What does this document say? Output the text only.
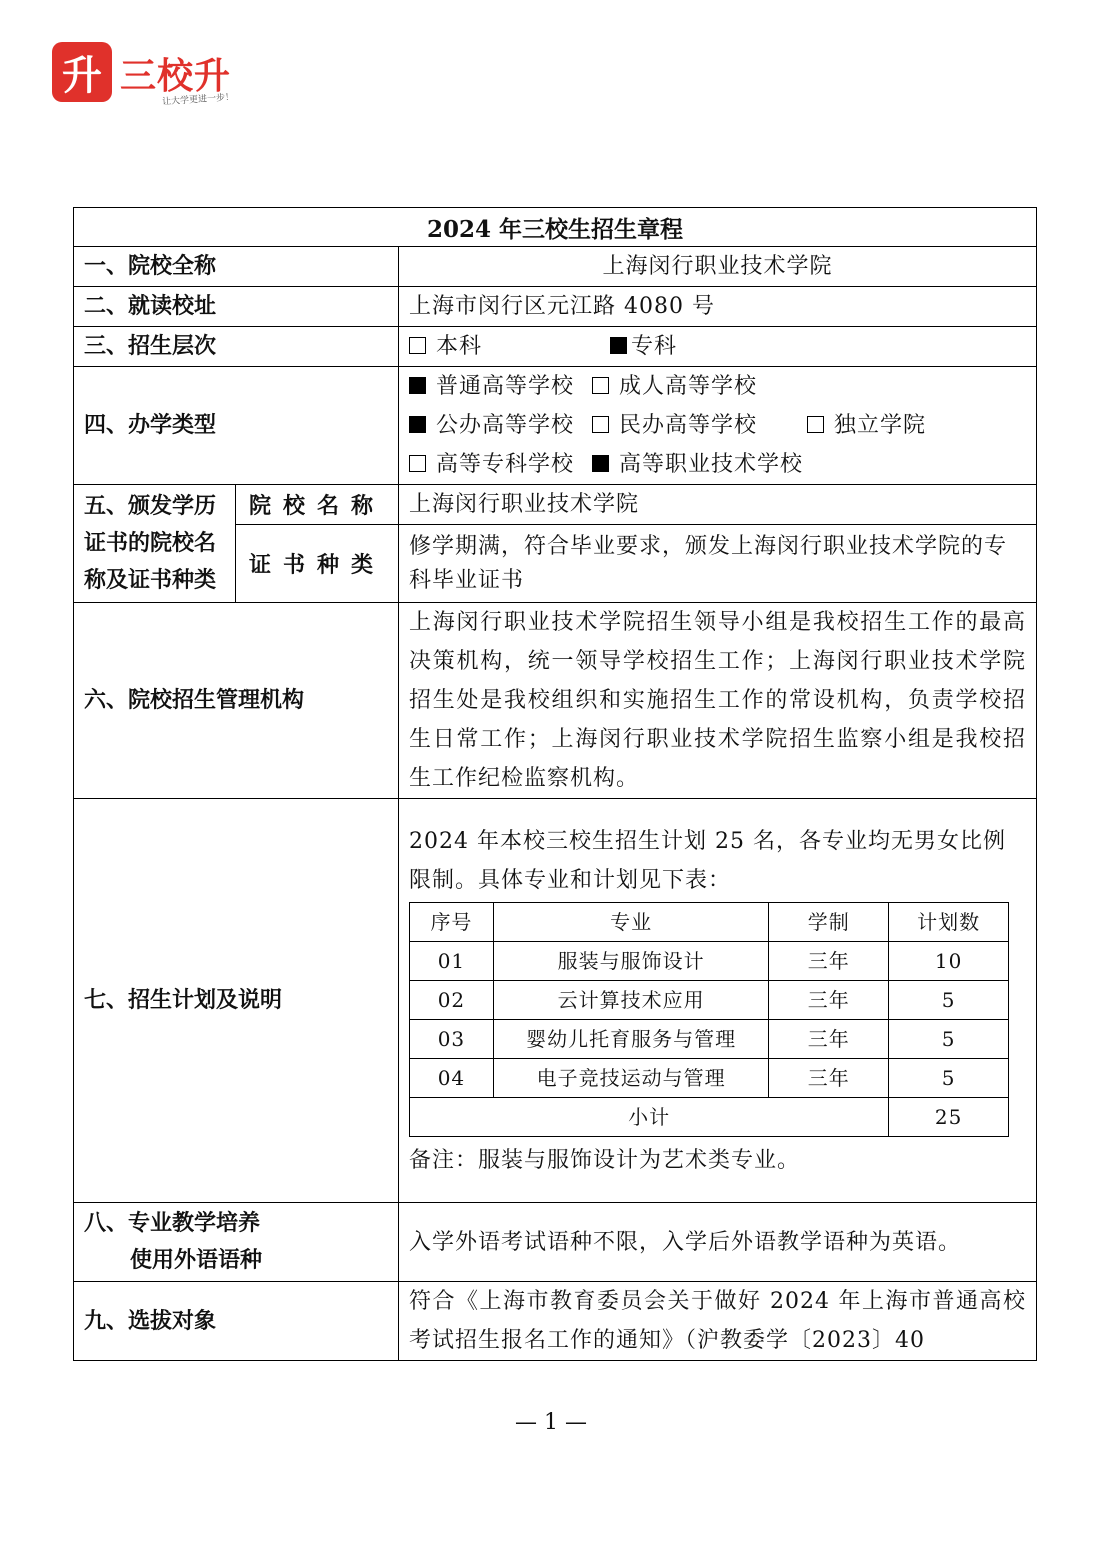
升 三校升
让大学更进一步！
2024 年三校生招生章程
一、院校全称	上海闵行职业技术学院
二、就读校址	上海市闵行区元江路 4080 号
三、招生层次	本科	专科
四、办学类型	
普通高等学校 成人高等学校
公办高等学校 民办高等学校	独立学院
高等专科学校 高等职业技术学校

五、颁发学历证书的院校名称及证书种类	院校名称	上海闵行职业技术学院
证书种类	修学期满，符合毕业要求，颁发上海闵行职业技术学院的专科毕业证书
六、院校招生管理机构	上海闵行职业技术学院招生领导小组是我校招生工作的最高决策机构，统一领导学校招生工作；上海闵行职业技术学院招生处是我校组织和实施招生工作的常设机构，负责学校招生日常工作；上海闵行职业技术学院招生监察小组是我校招生工作纪检监察机构。
七、招生计划及说明	
2024 年本校三校生招生计划 25 名，各专业均无男女比例限制。具体专业和计划见下表：
序号	专业	学制	计划数
01	服装与服饰设计	三年	10
02	云计算技术应用	三年	5
03	婴幼儿托育服务与管理	三年	5
04	电子竞技运动与管理	三年	5
小计	25
备注：服装与服饰设计为艺术类专业。

八、专业教学培养
使用外语语种
	入学外语考试语种不限，入学后外语教学语种为英语。
九、选拔对象	符合《上海市教育委员会关于做好 2024 年上海市普通高校考试招生报名工作的通知》（沪教委学〔2023〕40
— 1 —
